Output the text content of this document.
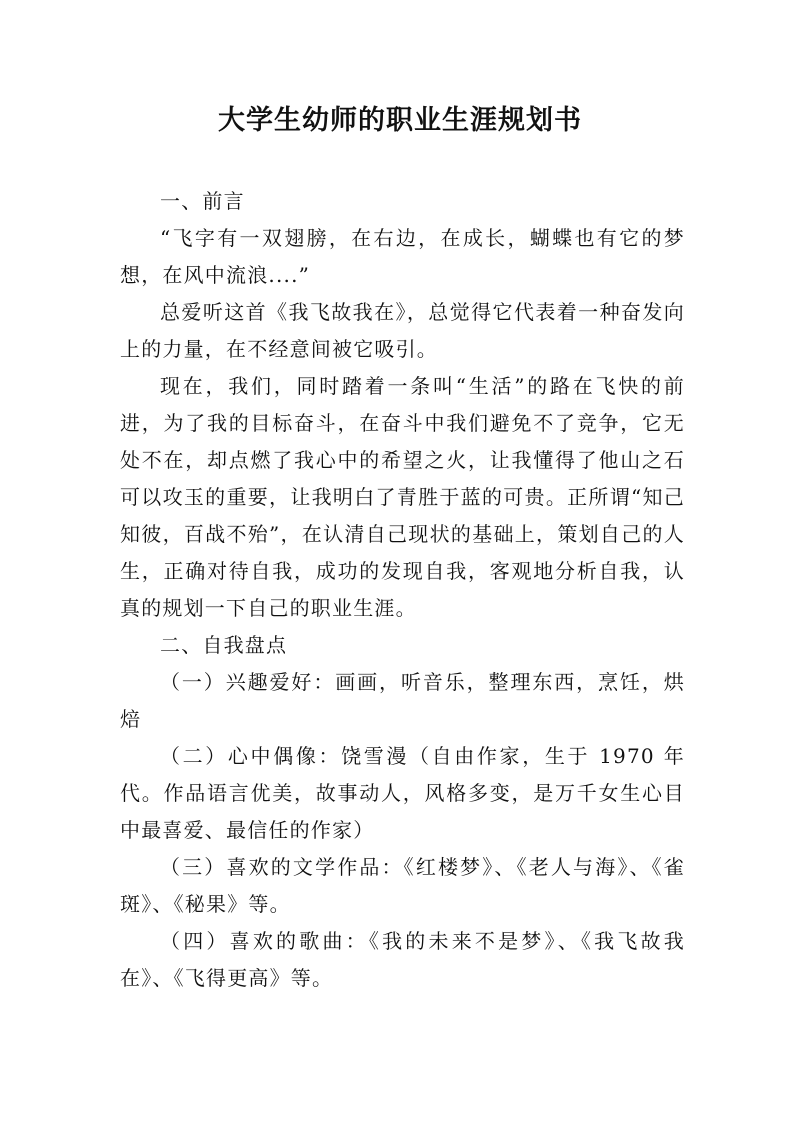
大学生幼师的职业生涯规划书

一、前言

“飞字有一双翅膀，在右边，在成长，蝴蝶也有它的梦想，在风中流浪....”

总爱听这首《我飞故我在》，总觉得它代表着一种奋发向上的力量，在不经意间被它吸引。

现在，我们，同时踏着一条叫“生活”的路在飞快的前进，为了我的目标奋斗，在奋斗中我们避免不了竞争，它无处不在，却点燃了我心中的希望之火，让我懂得了他山之石可以攻玉的重要，让我明白了青胜于蓝的可贵。正所谓“知己知彼，百战不殆”，在认清自己现状的基础上，策划自己的人生，正确对待自我，成功的发现自我，客观地分析自我，认真的规划一下自己的职业生涯。

二、自我盘点

（一）兴趣爱好：画画，听音乐，整理东西，烹饪，烘焙

（二）心中偶像：饶雪漫（自由作家，生于 1970 年代。作品语言优美，故事动人，风格多变，是万千女生心目中最喜爱、最信任的作家）

（三）喜欢的文学作品：《红楼梦》、《老人与海》、《雀斑》、《秘果》等。

（四）喜欢的歌曲：《我的未来不是梦》、《我飞故我在》、《飞得更高》等。
